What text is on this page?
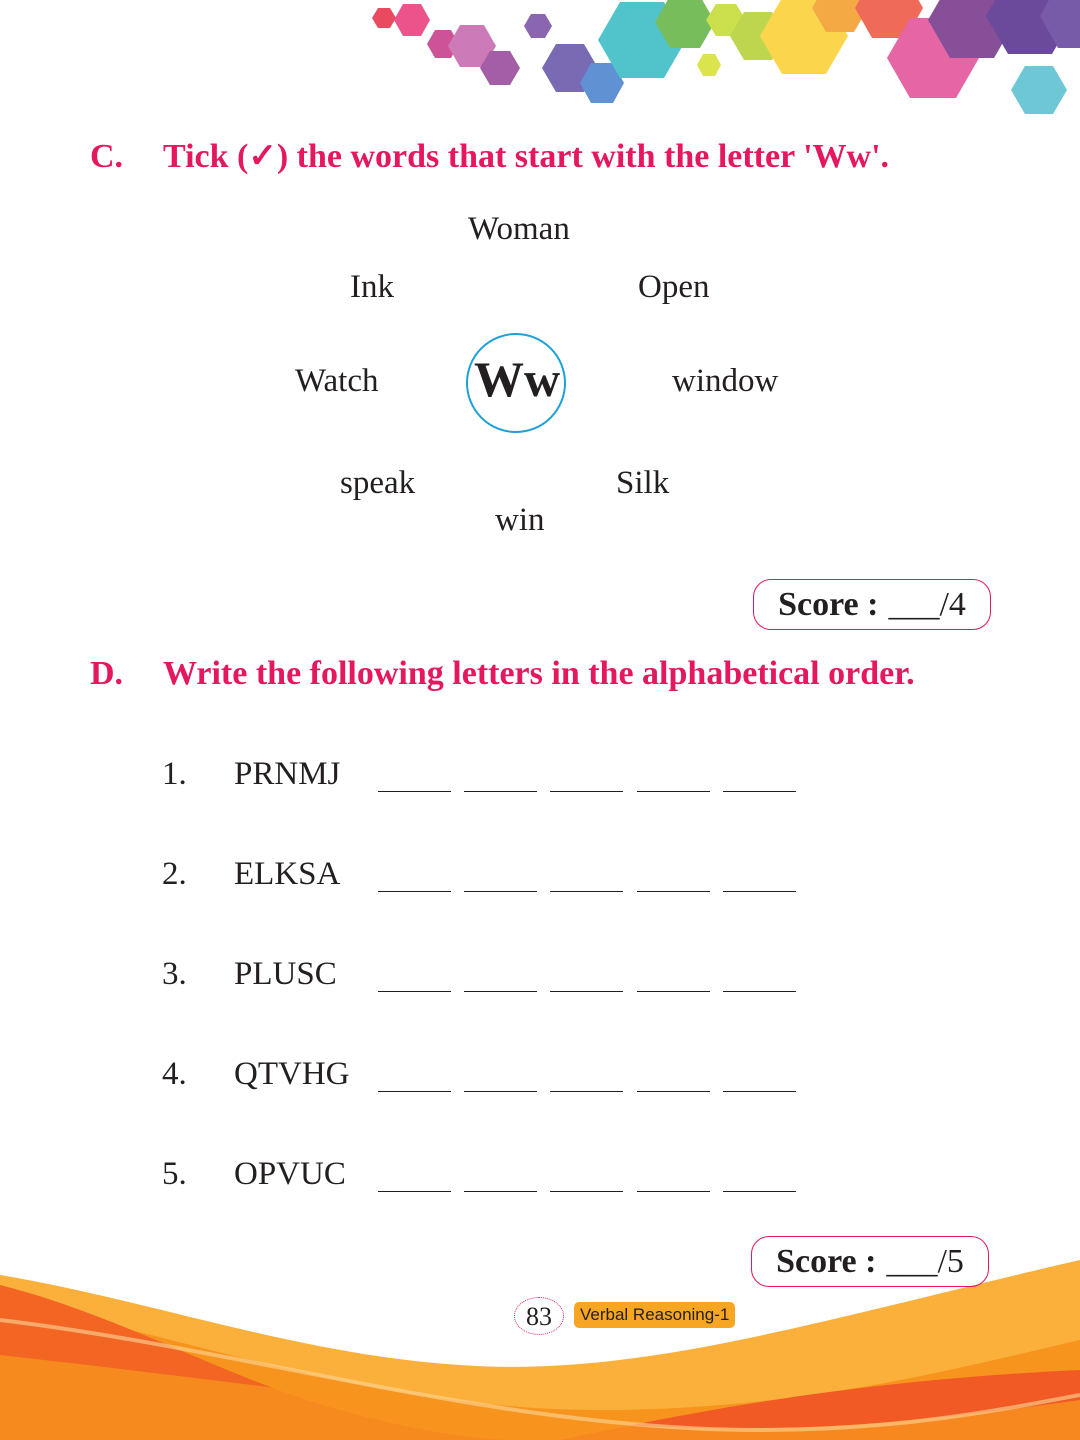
C. Tick (✓) the words that start with the letter 'Ww'.
Woman
Ink	Open
Watch	window
speak	Silk
win
Ww
Score : ___/4
D. Write the following letters in the alphabetical order.
1. PRNMJ
2. ELKSA
3. PLUSC
4. QTVHG
5. OPVUC
Score : ___/5
83	Verbal Reasoning-1
